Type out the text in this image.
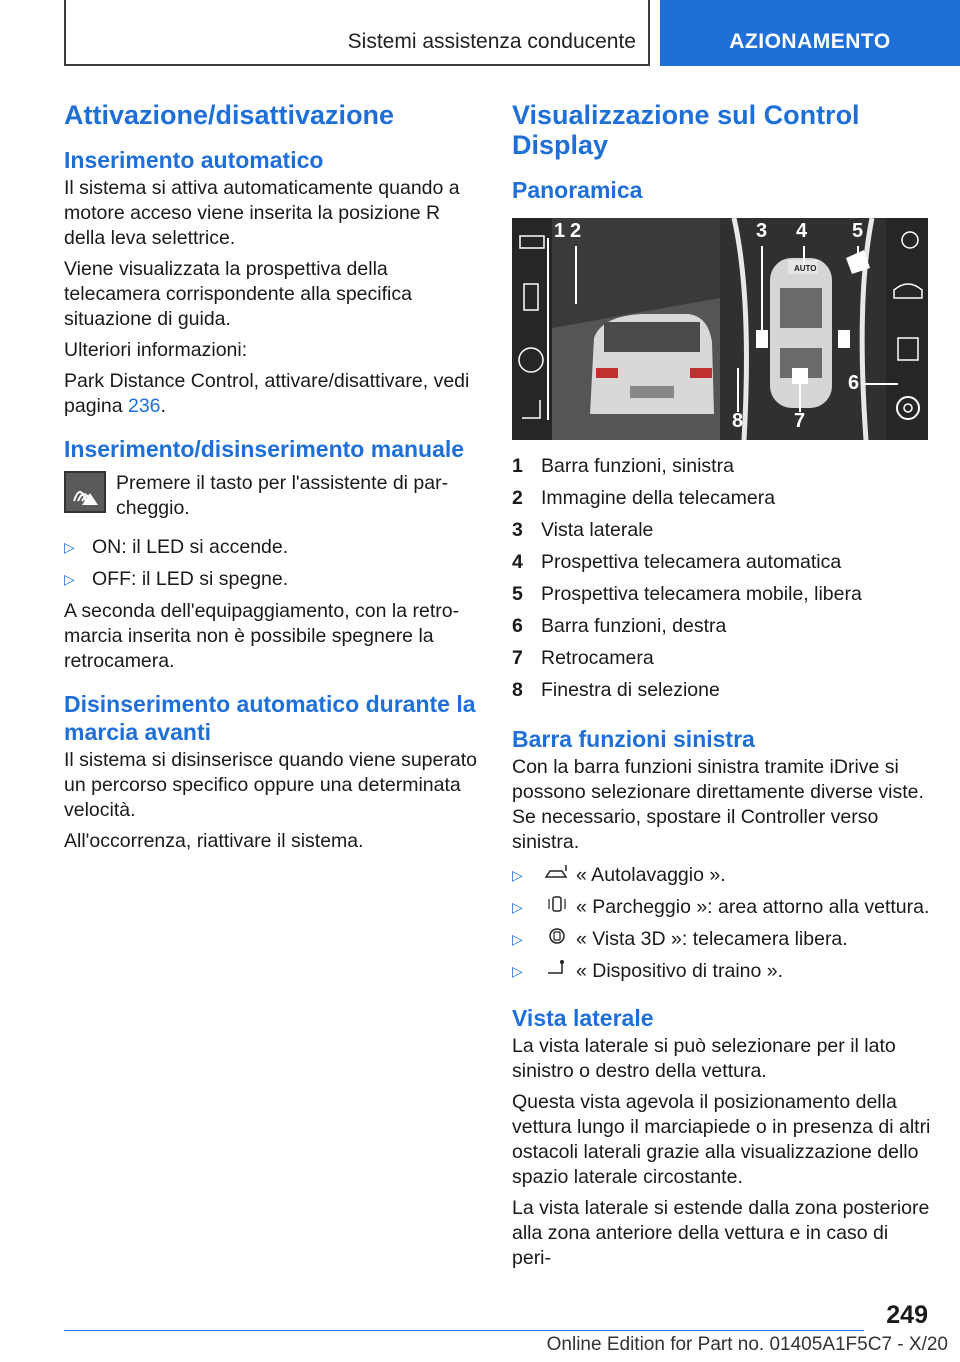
Sistemi assistenza conducente	AZIONAMENTO
Attivazione/disattivazione
Inserimento automatico

Il sistema si attiva automaticamente quando a motore acceso viene inserita la posizione R della leva selettrice.

Viene visualizzata la prospettiva della telecamera corrispondente alla specifica situazione di guida.

Ulteriori informazioni:

Park Distance Control, attivare/disattivare, vedi pagina 236.

Inserimento/disinserimento manuale
Premere il tasto per l'assistente di parcheggio.
▷ ON: il LED si accende.
▷ OFF: il LED si spegne.

A seconda dell'equipaggiamento, con la retromarcia inserita non è possibile spegnere la retrocamera.

Disinserimento automatico durante la marcia avanti

Il sistema si disinserisce quando viene superato un percorso specifico oppure una determinata velocità.

All'occorrenza, riattivare il sistema.

Visualizzazione sul Control Display
Panoramica
1 2	3 4 5
6
7
8
AUTO
1 Barra funzioni, sinistra
2 Immagine della telecamera
3 Vista laterale
4 Prospettiva telecamera automatica
5 Prospettiva telecamera mobile, libera
6 Barra funzioni, destra
7 Retrocamera
8 Finestra di selezione
Barra funzioni sinistra

Con la barra funzioni sinistra tramite iDrive si possono selezionare direttamente diverse viste. Se necessario, spostare il Controller verso sinistra.

▷	« Autolavaggio ».
▷	« Parcheggio »: area attorno alla vettura.
▷	« Vista 3D »: telecamera libera.
▷	« Dispositivo di traino ».
Vista laterale

La vista laterale si può selezionare per il lato sinistro o destro della vettura.

Questa vista agevola il posizionamento della vettura lungo il marciapiede o in presenza di altri ostacoli laterali grazie alla visualizzazione dello spazio laterale circostante.

La vista laterale si estende dalla zona posteriore alla zona anteriore della vettura e in caso di peri-

249
Online Edition for Part no. 01405A1F5C7 - X/20
